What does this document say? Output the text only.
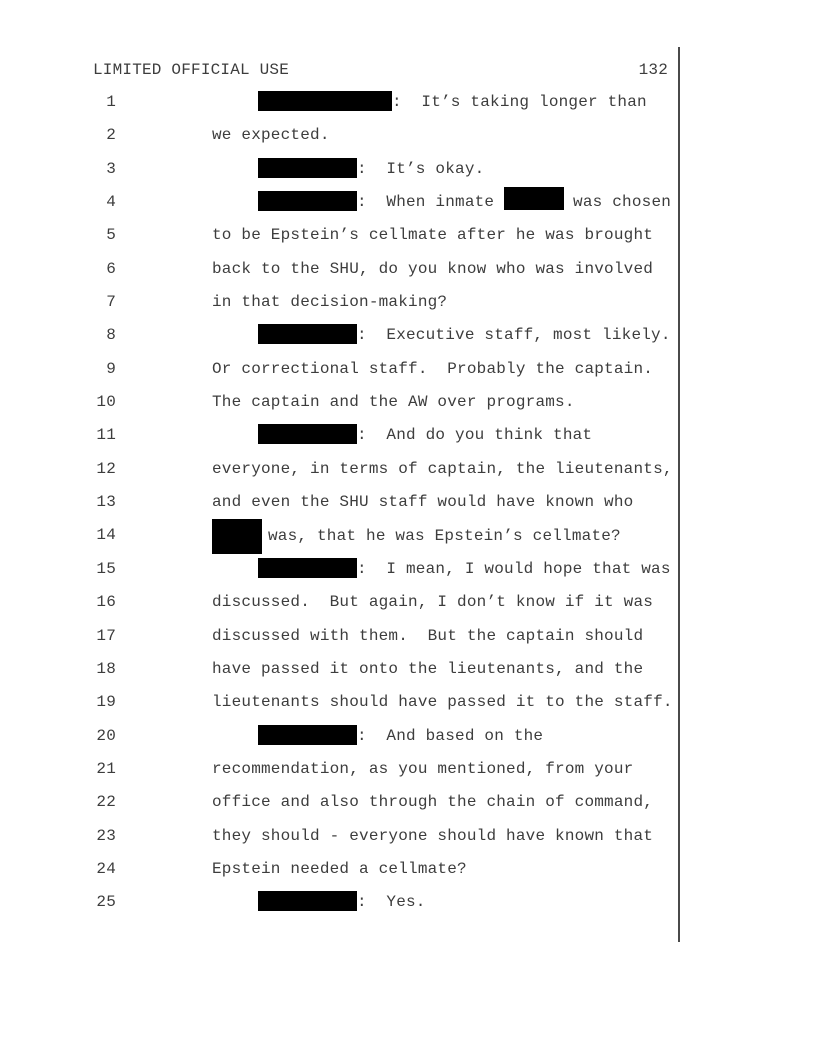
LIMITED OFFICIAL USE	132
1	:  It’s taking longer than
2	we expected.
3	:  It’s okay.
4	:  When inmate	was chosen
5	to be Epstein’s cellmate after he was brought
6	back to the SHU, do you know who was involved
7	in that decision-making?
8	:  Executive staff, most likely.
9	Or correctional staff.  Probably the captain.
10	The captain and the AW over programs.
11	:  And do you think that
12	everyone, in terms of captain, the lieutenants,
13	and even the SHU staff would have known who
14	was, that he was Epstein’s cellmate?
15	:  I mean, I would hope that was
16	discussed.  But again, I don’t know if it was
17	discussed with them.  But the captain should
18	have passed it onto the lieutenants, and the
19	lieutenants should have passed it to the staff.
20	:  And based on the
21	recommendation, as you mentioned, from your
22	office and also through the chain of command,
23	they should - everyone should have known that
24	Epstein needed a cellmate?
25	:  Yes.
